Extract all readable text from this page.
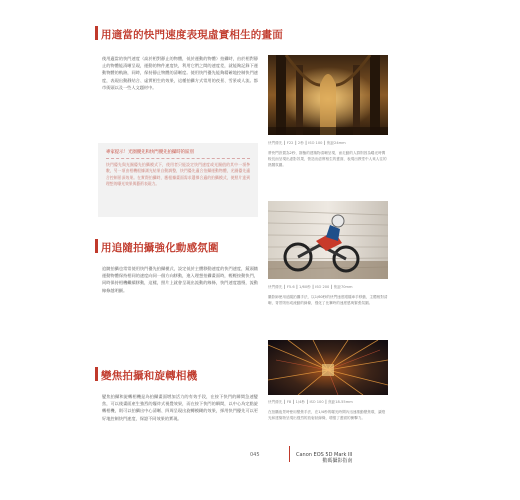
用適當的快門速度表現虛實相生的畫面
使用適當的快門速度（高於相對靜止的物體，低於運動的物體）拍攝時，由於相對靜止的物體能清晰呈現，運動的物件速度快，利用它們之間的速度差，就能夠記錄下運動物體的軌跡，同時，保持靜止物體的清晰度。使用快門優先能夠精確地控制快門速度，表現出動靜結合、虛實相生的效果，這種拍攝方式常用的夜景、雪景或人流。都市街頭以及一些人文題材中。
快門優先 ┃ F22 ┃ 2秒 ┃ ISO 100 ┃ 焦距24mm
將快門設置為2秒，靜態的建築物清晰呈現，而走動的人群則因為曝光時間較長而呈現出虛影效果，營造出虛實相生的畫面，表現出教堂中人來人往的熱鬧氛圍。
專家提示！光圈優先和快門優先拍攝時的區別
快門優先與光圈優先拍攝模式下，使用者只能設定快門速度或光圈值的其中一項參數，另一項由相機根據測光結果自動調整，快門優先適合拍攝運動物體，光圈優先適合控制景深效果。在實際拍攝時，應根據畫面需求選擇合適的拍攝模式，使照片達到理想的曝光效果與藝術表現力。
用追隨拍攝強化動感氛圍
追隨拍攝也常常使用快門優先拍攝模式，設定低於主體移動速度的快門速度，鏡頭隨運動物體保持相同的速度向同一個方向移動，進入理想拍攝畫面時，輕輕按動快門，同時保持相機繼續移動，這樣，照片上就會呈現出流動的線條，快門速度越慢，流動線條越明顯。
快門優先 ┃ F5.6 ┃ 1/60秒 ┃ ISO 200 ┃ 焦距70mm
攝影師使用追隨拍攝手法，以1/60秒的快門速度跟隨車手移動，主體相對清晰，背景則形成流動的線條，強化了比賽時的速度感與緊張氛圍。
變焦拍攝和旋轉相機
變焦拍攝和旋轉相機是為拍攝畫面增加活力的有效手段，在按下快門的瞬間急速變焦，可以使畫面產生強烈的爆炸式視覺效果，而在按下快門的瞬間，以中心為定點旋轉相機，則可以拍攝出中心清晰、四周呈現出旋轉模糊的效果，採用快門優先可以更好地控制快門速度，保證不同效果的實現。
快門優先 ┃ F8 ┃ 1/4秒 ┃ ISO 100 ┃ 焦距18-55mm
在拍攝夜景時使用變焦手法，在1/4秒的曝光時間內迅速推動變焦環，讓燈光和建築物呈現出強烈的放射狀線條，增強了畫面的衝擊力。
045	Canon EOS 5D Mark III
數碼攝影指南
